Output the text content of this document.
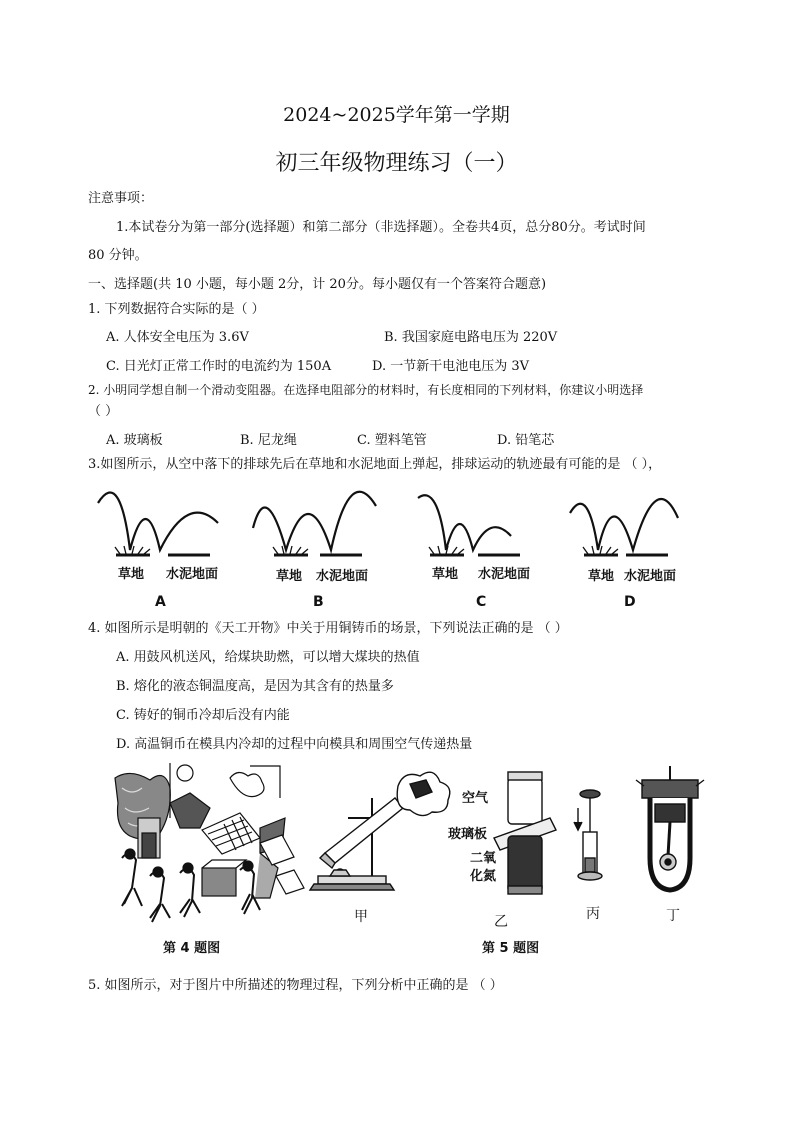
2024~2025学年第一学期
初三年级物理练习（一）
注意事项：
1.本试卷分为第一部分(选择题）和第二部分（非选择题）。全卷共4页，总分80分。考试时间
80 分钟。
一、选择题(共 10 小题，每小题 2分，计 20分。每小题仅有一个答案符合题意)
1. 下列数据符合实际的是（ ）
A. 人体安全电压为 3.6V	B. 我国家庭电路电压为 220V
C. 日光灯正常工作时的电流约为 150A	D. 一节新干电池电压为 3V
2. 小明同学想自制一个滑动变阻器。在选择电阻部分的材料时，有长度相同的下列材料，你建议小明选择
（ ）
A. 玻璃板	B. 尼龙绳	C. 塑料笔管	D. 铅笔芯
3.如图所示，从空中落下的排球先后在草地和水泥地面上弹起，排球运动的轨迹最有可能的是 （ ），
草地 水泥地面	草地 水泥地面	草地 水泥地面	草地 水泥地面
A	B	C	D
4. 如图所示是明朝的《天工开物》中关于用铜铸币的场景，下列说法正确的是 （ ）
A. 用鼓风机送风，给煤块助燃，可以增大煤块的热值
B. 熔化的液态铜温度高，是因为其含有的热量多
C. 铸好的铜币冷却后没有内能
D. 高温铜币在模具内冷却的过程中向模具和周围空气传递热量
第 4 题图
甲
空气
玻璃板
二氧
化氮
乙	丙	丁
第 5 题图
5. 如图所示，对于图片中所描述的物理过程，下列分析中正确的是 （ ）
